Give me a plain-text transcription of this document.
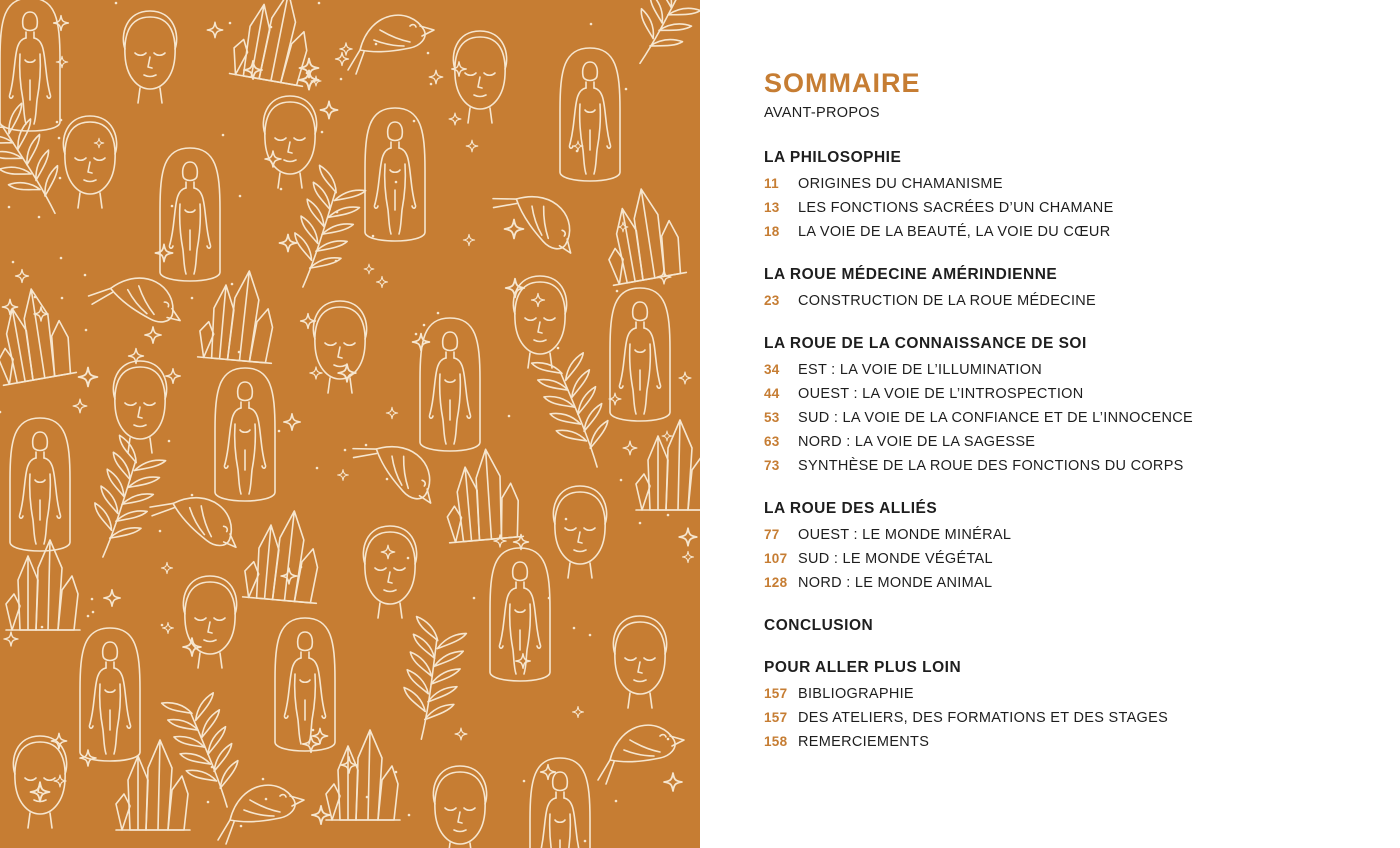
SOMMAIRE
AVANT-PROPOS
LA PHILOSOPHIE
11	ORIGINES DU CHAMANISME
13	LES FONCTIONS SACRÉES D’UN CHAMANE
18	LA VOIE DE LA BEAUTÉ, LA VOIE DU CŒUR
LA ROUE MÉDECINE AMÉRINDIENNE
23	CONSTRUCTION DE LA ROUE MÉDECINE
LA ROUE DE LA CONNAISSANCE DE SOI
34	EST : LA VOIE DE L’ILLUMINATION
44	OUEST : LA VOIE DE L’INTROSPECTION
53	SUD : LA VOIE DE LA CONFIANCE ET DE L’INNOCENCE
63	NORD : LA VOIE DE LA SAGESSE
73	SYNTHÈSE DE LA ROUE DES FONCTIONS DU CORPS
LA ROUE DES ALLIÉS
77	OUEST : LE MONDE MINÉRAL
107 SUD : LE MONDE VÉGÉTAL
128 NORD : LE MONDE ANIMAL
CONCLUSION
POUR ALLER PLUS LOIN
157 BIBLIOGRAPHIE
157 DES ATELIERS, DES FORMATIONS ET DES STAGES
158 REMERCIEMENTS
